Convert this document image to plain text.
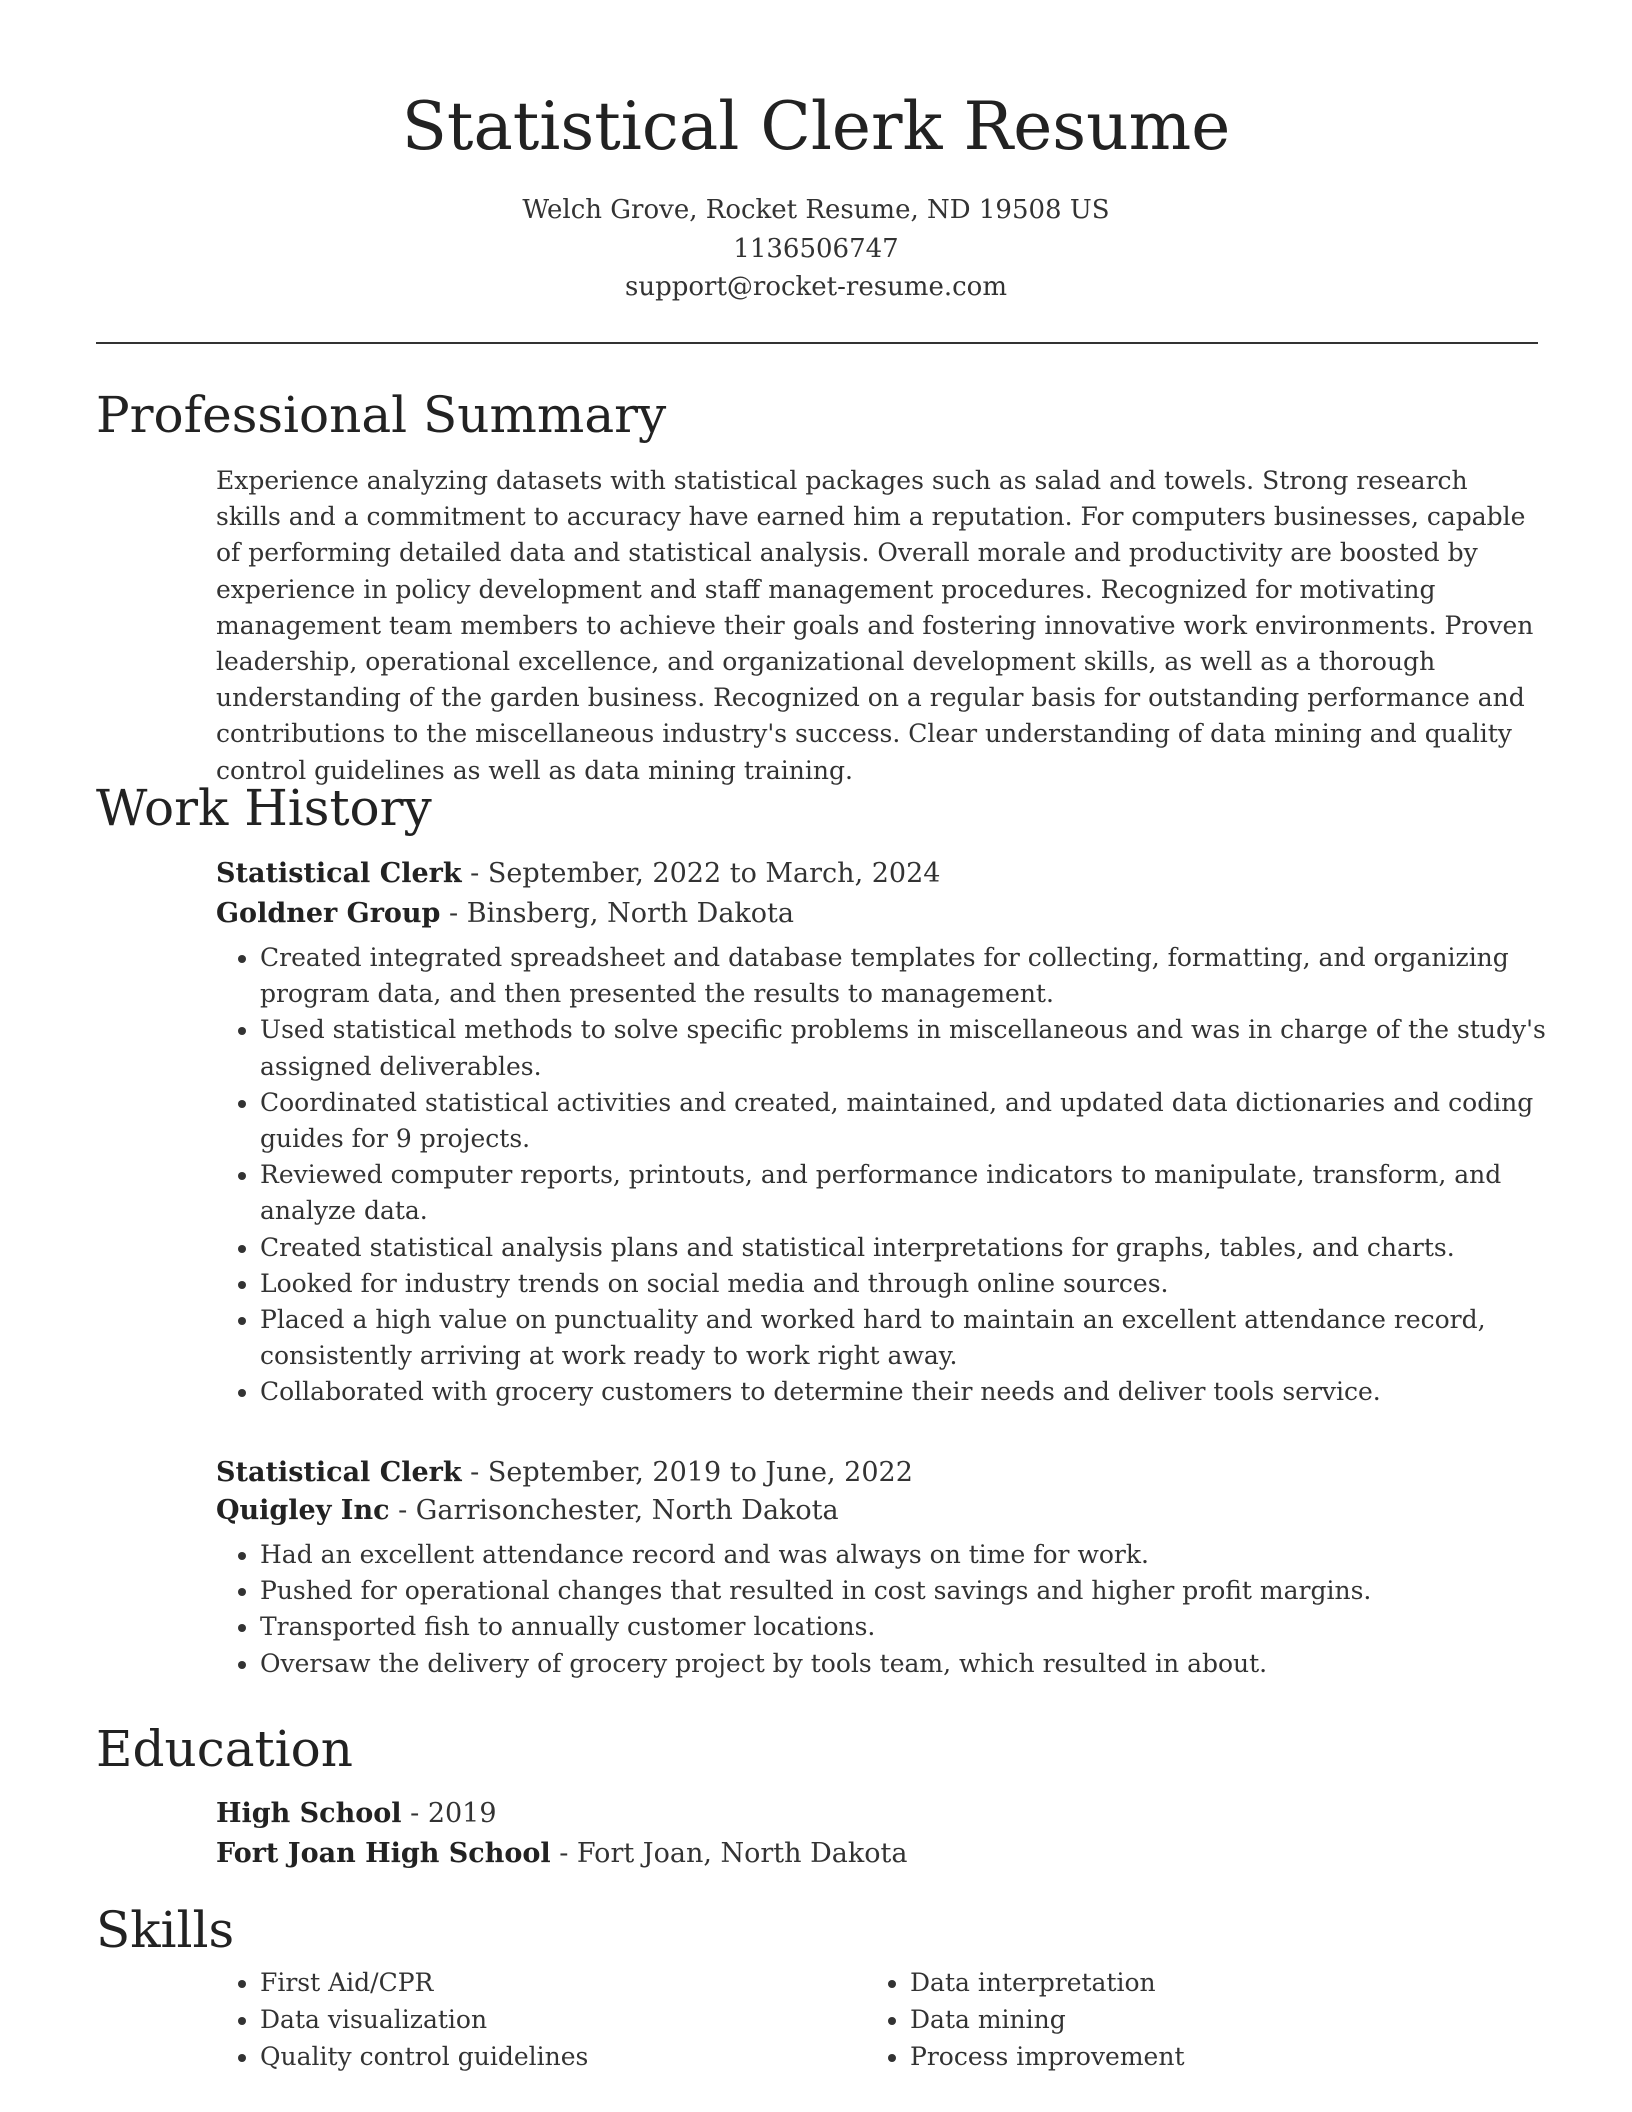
Statistical Clerk Resume
Welch Grove, Rocket Resume, ND 19508 US
1136506747
support@rocket-resume.com
Professional Summary

Experience analyzing datasets with statistical packages such as salad and towels. Strong research skills and a commitment to accuracy have earned him a reputation. For computers businesses, capable of performing detailed data and statistical analysis. Overall morale and productivity are boosted by experience in policy development and staff management procedures. Recognized for motivating management team members to achieve their goals and fostering innovative work environments. Proven leadership, operational excellence, and organizational development skills, as well as a thorough understanding of the garden business. Recognized on a regular basis for outstanding performance and contributions to the miscellaneous industry's success. Clear understanding of data mining and quality control guidelines as well as data mining training.

Work History
Statistical Clerk - September, 2022 to March, 2024
Goldner Group - Binsberg, North Dakota
• Created integrated spreadsheet and database templates for collecting, formatting, and organizing program data, and then presented the results to management.
• Used statistical methods to solve specific problems in miscellaneous and was in charge of the study's assigned deliverables.
• Coordinated statistical activities and created, maintained, and updated data dictionaries and coding guides for 9 projects.
• Reviewed computer reports, printouts, and performance indicators to manipulate, transform, and analyze data.
• Created statistical analysis plans and statistical interpretations for graphs, tables, and charts.
• Looked for industry trends on social media and through online sources.
• Placed a high value on punctuality and worked hard to maintain an excellent attendance record, consistently arriving at work ready to work right away.
• Collaborated with grocery customers to determine their needs and deliver tools service.
Statistical Clerk - September, 2019 to June, 2022
Quigley Inc - Garrisonchester, North Dakota
• Had an excellent attendance record and was always on time for work.
• Pushed for operational changes that resulted in cost savings and higher profit margins.
• Transported fish to annually customer locations.
• Oversaw the delivery of grocery project by tools team, which resulted in about.
Education
High School - 2019
Fort Joan High School - Fort Joan, North Dakota
Skills
• First Aid/CPR
• Data visualization
• Quality control guidelines
• Data interpretation
• Data mining
• Process improvement
